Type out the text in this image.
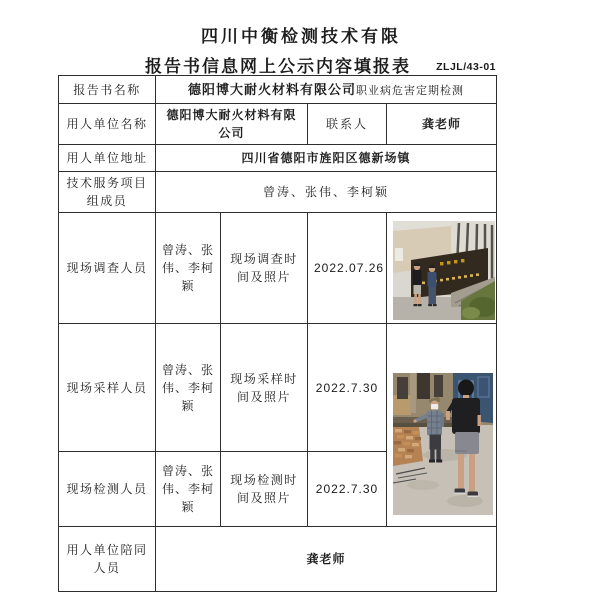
四川中衡检测技术有限
报告书信息网上公示内容填报表	ZLJL/43-01
报告书名称	德阳博大耐火材料有限公司职业病危害定期检测			
用人单位名称	德阳博大耐火材料有限公司		联系人	龚老师
用人单位地址	四川省德阳市旌阳区德新场镇			
技术服务项目组成员	曾涛、张伟、李柯颖			
现场调查人员	曾涛、张伟、李柯颖	现场调查时间及照片	2022.07.26	

现场采样人员	曾涛、张伟、李柯颖	现场采样时间及照片	2022.7.30	

现场检测人员	曾涛、张伟、李柯颖	现场检测时间及照片	2022.7.30	
用人单位陪同人员	龚老师			
